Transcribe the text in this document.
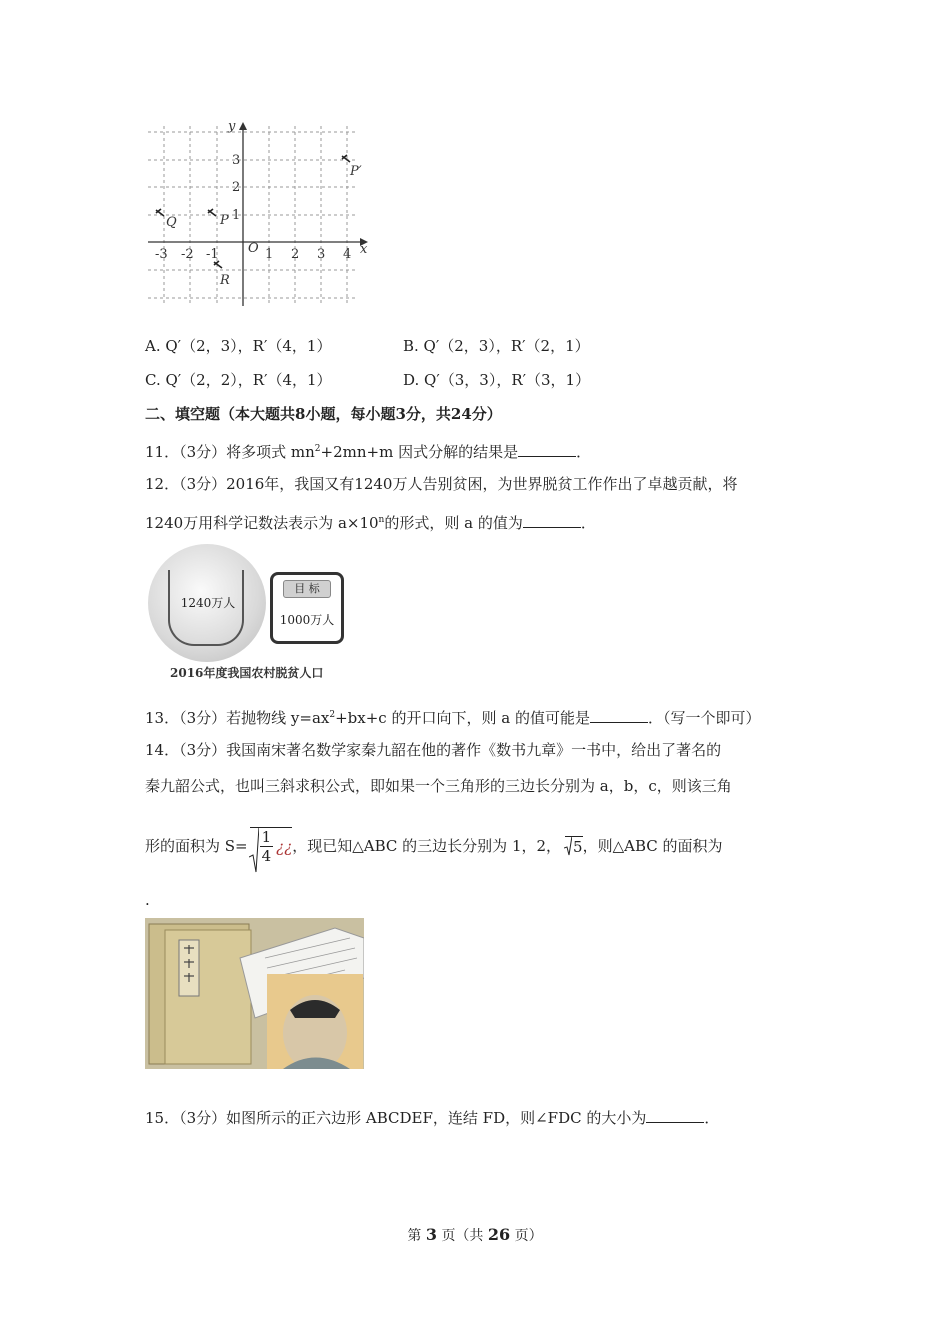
x
y
-3 -2 -1 O 1 2 3 4
1
2
3
P′
P
Q
R
A. Q′（2，3），R′（4，1）	B. Q′（2，3），R′（2，1）
C. Q′（2，2），R′（4，1）	D. Q′（3，3），R′（3，1）
二、填空题（本大题共8小题，每小题3分，共24分）
11．（3分）将多项式 $mn^2+2mn+m$ 因式分解的结果是	．
12．（3分）2016年，我国又有1240万人告别贫困，为世界脱贫工作作出了卓越贡献，将
1240万用科学记数法表示为 $a\times 10^n$的形式，则 a 的值为	．
1240万人
目 标
1000万人
2016年度我国农村脱贫人口
13．（3分）若抛物线 $y=ax^2+bx+c$ 的开口向下，则 a 的值可能是	．（写一个即可）
14．（3分）我国南宋著名数学家秦九韶在他的著作《数书九章》一书中，给出了著名的
秦九韶公式，也叫三斜求积公式，即如果一个三角形的三边长分别为 a，b，c，则该三角
形的面积为 $S= \frac{1}{4}$ ¿¿ ，现已知△ABC 的三边长分别为 1，2， 5 ，则△ABC 的面积为
.
15．（3分）如图所示的正六边形 ABCDEF，连结 FD，则∠FDC 的大小为	．
第 3 页（共 26 页）
